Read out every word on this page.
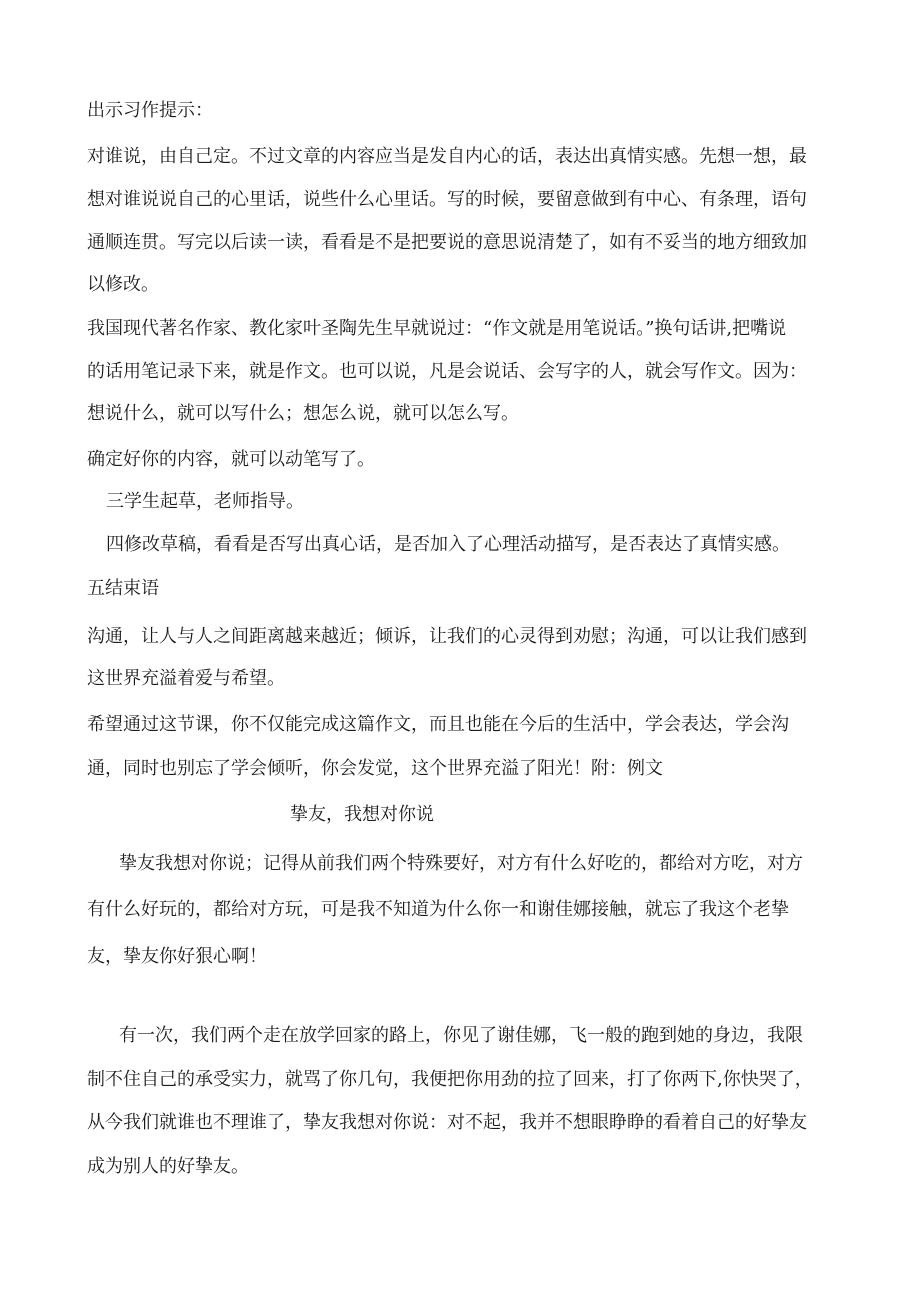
出示习作提示：
对谁说，由自己定。不过文章的内容应当是发自内心的话，表达出真情实感。先想一想，最
想对谁说说自己的心里话，说些什么心里话。写的时候，要留意做到有中心、有条理，语句
通顺连贯。写完以后读一读，看看是不是把要说的意思说清楚了，如有不妥当的地方细致加
以修改。
我国现代著名作家、教化家叶圣陶先生早就说过：“作文就是用笔说话。”换句话讲,把嘴说
的话用笔记录下来，就是作文。也可以说，凡是会说话、会写字的人，就会写作文。因为：
想说什么，就可以写什么；想怎么说，就可以怎么写。
确定好你的内容，就可以动笔写了。
三学生起草，老师指导。
四修改草稿，看看是否写出真心话，是否加入了心理活动描写，是否表达了真情实感。
五结束语
沟通，让人与人之间距离越来越近；倾诉，让我们的心灵得到劝慰；沟通，可以让我们感到
这世界充溢着爱与希望。
希望通过这节课，你不仅能完成这篇作文，而且也能在今后的生活中，学会表达，学会沟
通，同时也别忘了学会倾听，你会发觉，这个世界充溢了阳光！附：例文
挚友，我想对你说
挚友我想对你说；记得从前我们两个特殊要好，对方有什么好吃的，都给对方吃，对方
有什么好玩的，都给对方玩，可是我不知道为什么你一和谢佳娜接触，就忘了我这个老挚
友，挚友你好狠心啊！
有一次，我们两个走在放学回家的路上，你见了谢佳娜，飞一般的跑到她的身边，我限
制不住自己的承受实力，就骂了你几句，我便把你用劲的拉了回来，打了你两下,你快哭了，
从今我们就谁也不理谁了，挚友我想对你说：对不起，我并不想眼睁睁的看着自己的好挚友
成为别人的好挚友。
